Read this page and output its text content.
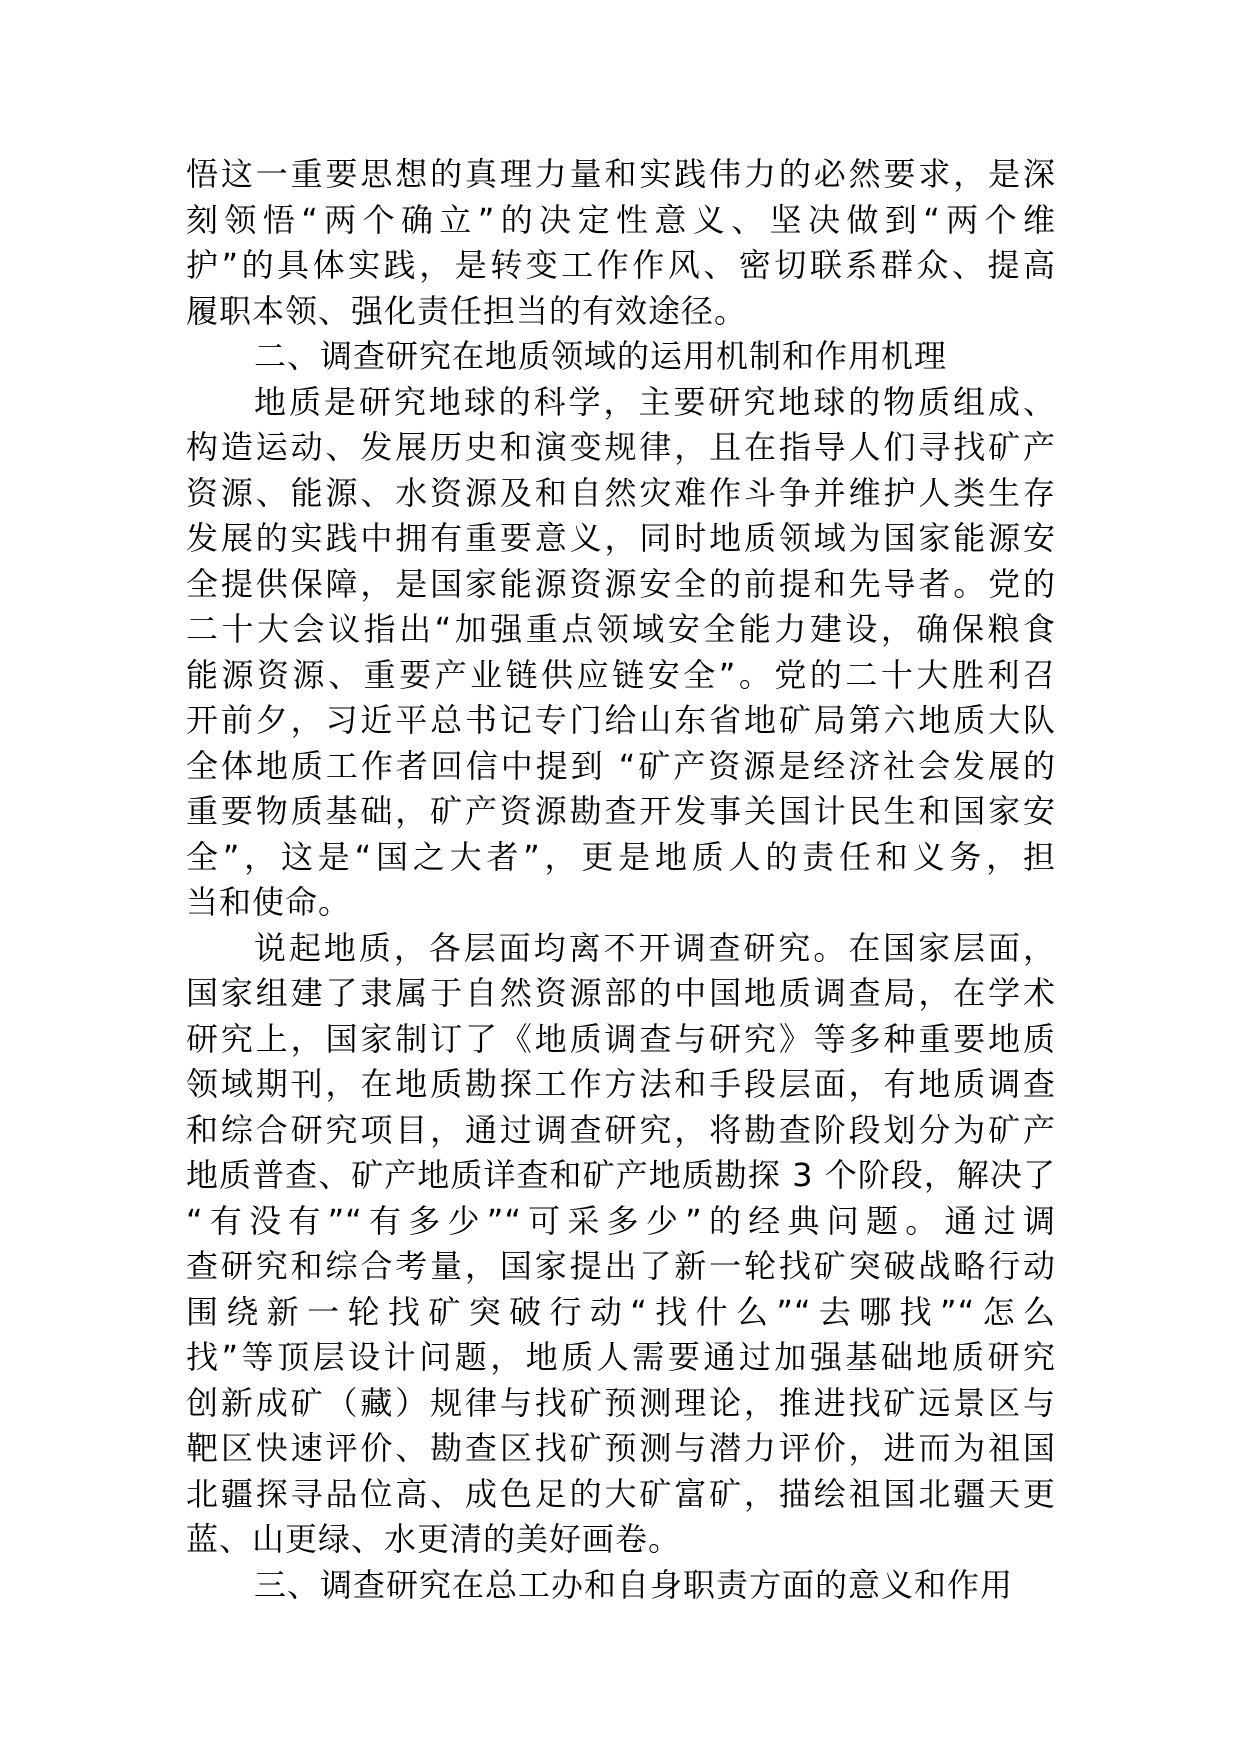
悟这一重要思想的真理力量和实践伟力的必然要求，是深
刻领悟“两个确立”的决定性意义、坚决做到“两个维
护”的具体实践，是转变工作作风、密切联系群众、提高
履职本领、强化责任担当的有效途径。
二、调查研究在地质领域的运用机制和作用机理
地质是研究地球的科学，主要研究地球的物质组成、
构造运动、发展历史和演变规律，且在指导人们寻找矿产
资源、能源、水资源及和自然灾难作斗争并维护人类生存
发展的实践中拥有重要意义，同时地质领域为国家能源安
全提供保障，是国家能源资源安全的前提和先导者。党的
二十大会议指出“加强重点领域安全能力建设，确保粮食
能源资源、重要产业链供应链安全”。党的二十大胜利召
开前夕，习近平总书记专门给山东省地矿局第六地质大队
全体地质工作者回信中提到 “矿产资源是经济社会发展的
重要物质基础，矿产资源勘查开发事关国计民生和国家安
全”，这是“国之大者”，更是地质人的责任和义务，担
当和使命。
说起地质，各层面均离不开调查研究。在国家层面，
国家组建了隶属于自然资源部的中国地质调查局，在学术
研究上，国家制订了《地质调查与研究》等多种重要地质
领域期刊，在地质勘探工作方法和手段层面，有地质调查
和综合研究项目，通过调查研究，将勘查阶段划分为矿产
地质普查、矿产地质详查和矿产地质勘探 3 个阶段，解决了
“有没有”“有多少”“可采多少”的经典问题。通过调
查研究和综合考量，国家提出了新一轮找矿突破战略行动
围绕新一轮找矿突破行动“找什么”“去哪找”“怎么
找”等顶层设计问题，地质人需要通过加强基础地质研究
创新成矿（藏）规律与找矿预测理论，推进找矿远景区与
靶区快速评价、勘查区找矿预测与潜力评价，进而为祖国
北疆探寻品位高、成色足的大矿富矿，描绘祖国北疆天更
蓝、山更绿、水更清的美好画卷。
三、调查研究在总工办和自身职责方面的意义和作用
